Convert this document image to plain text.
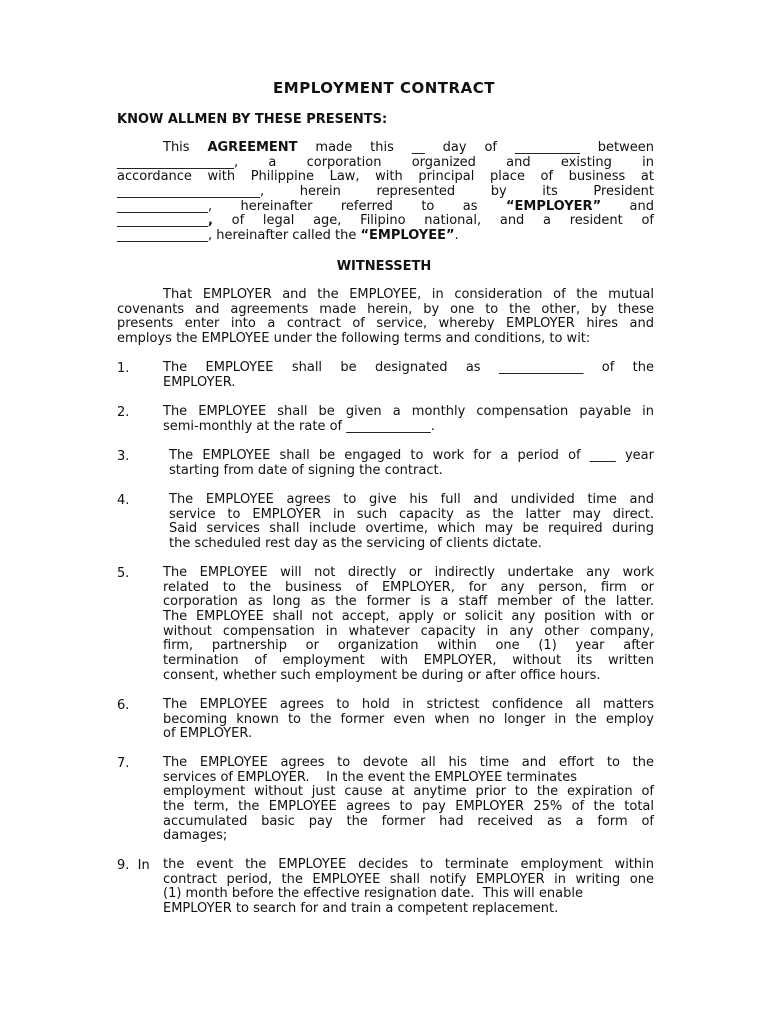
EMPLOYMENT CONTRACT
KNOW ALLMEN BY THESE PRESENTS:
This AGREEMENT made this __ day of __________ between
__________________, a corporation organized and existing in
accordance with Philippine Law, with principal place of business at
______________________, herein represented by its President
______________, hereinafter referred to as “EMPLOYER” and
______________, of legal age, Filipino national, and a resident of
______________, hereinafter called the “EMPLOYEE”.
WITNESSETH
That EMPLOYER and the EMPLOYEE, in consideration of the mutual
covenants and agreements made herein, by one to the other, by these
presents enter into a contract of service, whereby EMPLOYER hires and
employs the EMPLOYEE under the following terms and conditions, to wit:
1.	The EMPLOYEE shall be designated as _____________ of the
EMPLOYER.
2.	The EMPLOYEE shall be given a monthly compensation payable in
semi-monthly at the rate of _____________.
3.	The EMPLOYEE shall be engaged to work for a period of ____ year
starting from date of signing the contract.
4.	The EMPLOYEE agrees to give his full and undivided time and
service to EMPLOYER in such capacity as the latter may direct.
Said services shall include overtime, which may be required during
the scheduled rest day as the servicing of clients dictate.
5.	The EMPLOYEE will not directly or indirectly undertake any work
related to the business of EMPLOYER, for any person, firm or
corporation as long as the former is a staff member of the latter.
The EMPLOYEE shall not accept, apply or solicit any position with or
without compensation in whatever capacity in any other company,
firm, partnership or organization within one (1) year after
termination of employment with EMPLOYER, without its written
consent, whether such employment be during or after office hours.
6.	The EMPLOYEE agrees to hold in strictest confidence all matters
becoming known to the former even when no longer in the employ
of EMPLOYER.
7.	The EMPLOYEE agrees to devote all his time and effort to the
services of EMPLOYER.    In the event the EMPLOYEE terminates
employment without just cause at anytime prior to the expiration of
the term, the EMPLOYEE agrees to pay EMPLOYER 25% of the total
accumulated basic pay the former had received as a form of
damages;
9.  In the event the EMPLOYEE decides to terminate employment within
contract period, the EMPLOYEE shall notify EMPLOYER in writing one
(1) month before the effective resignation date.  This will enable
EMPLOYER to search for and train a competent replacement.
